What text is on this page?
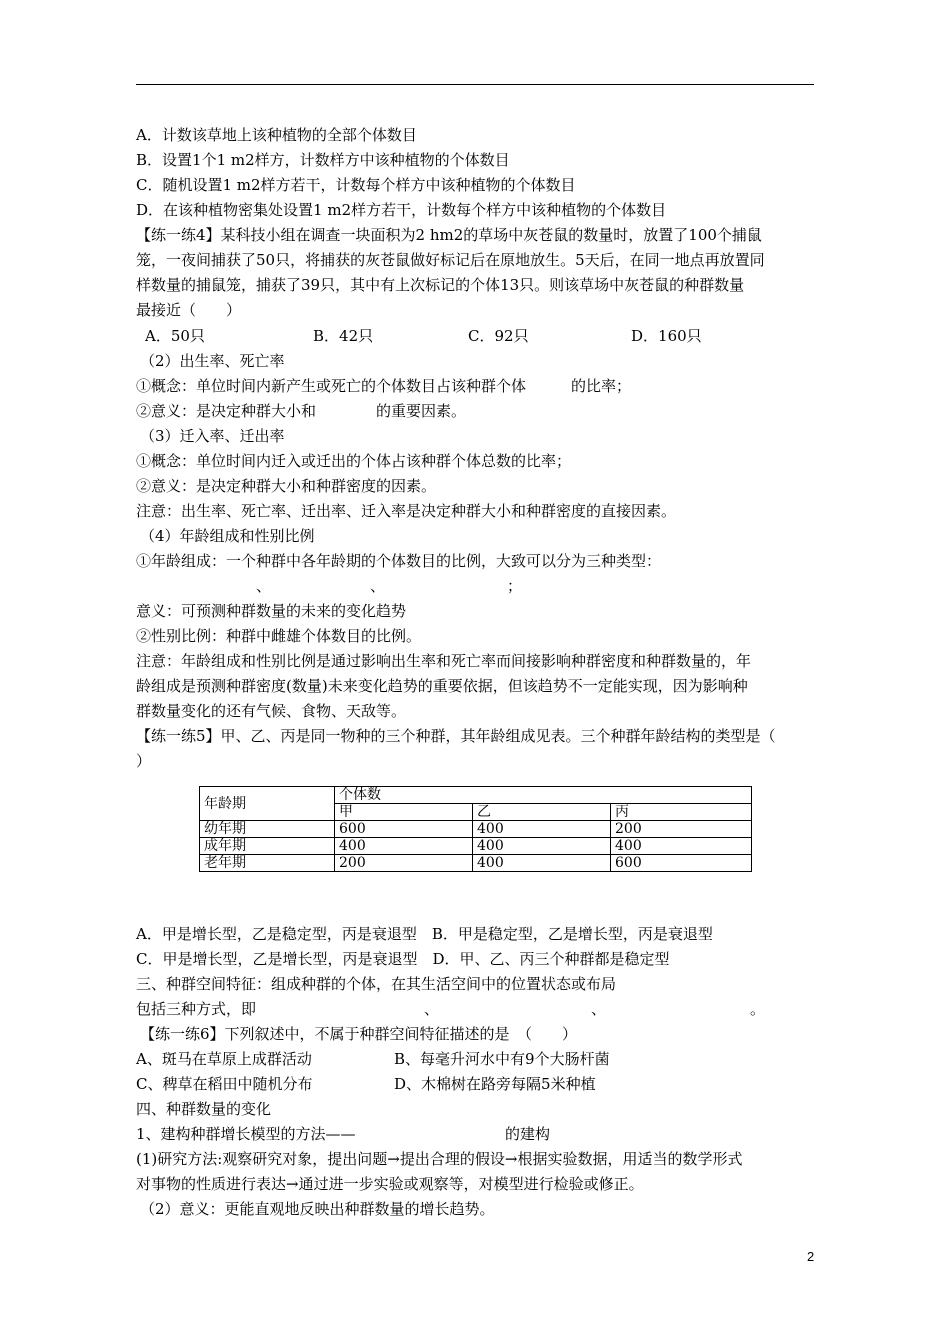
A．计数该草地上该种植物的全部个体数目
B．设置1个1 m2样方，计数样方中该种植物的个体数目
C．随机设置1 m2样方若干，计数每个样方中该种植物的个体数目
D．在该种植物密集处设置1 m2样方若干，计数每个样方中该种植物的个体数目
【练一练4】某科技小组在调查一块面积为2 hm2的草场中灰苍鼠的数量时，放置了100个捕鼠
笼，一夜间捕获了50只，将捕获的灰苍鼠做好标记后在原地放生。5天后，在同一地点再放置同
样数量的捕鼠笼，捕获了39只，其中有上次标记的个体13只。则该草场中灰苍鼠的种群数量
最接近（　　）
A．50只	B．42只	C．92只	D．160只
（2）出生率、死亡率
①概念：单位时间内新产生或死亡的个体数目占该种群个体　　　的比率；
②意义：是决定种群大小和　　　　的重要因素。
（3）迁入率、迁出率
①概念：单位时间内迁入或迁出的个体占该种群个体总数的比率；
②意义：是决定种群大小和种群密度的因素。
注意：出生率、死亡率、迁出率、迁入率是决定种群大小和种群密度的直接因素。
（4）年龄组成和性别比例
①年龄组成：一个种群中各年龄期的个体数目的比例，大致可以分为三种类型：
、	、	；
意义：可预测种群数量的未来的变化趋势
②性别比例：种群中雌雄个体数目的比例。
注意：年龄组成和性别比例是通过影响出生率和死亡率而间接影响种群密度和种群数量的，年
龄组成是预测种群密度(数量)未来变化趋势的重要依据，但该趋势不一定能实现，因为影响种
群数量变化的还有气候、食物、天敌等。
【练一练5】甲、乙、丙是同一物种的三个种群，其年龄组成见表。三个种群年龄结构的类型是（
）
年龄期	个体数		
	甲	乙	丙
幼年期	600	400	200
成年期	400	400	400
老年期	200	400	600
A．甲是增长型，乙是稳定型，丙是衰退型　B．甲是稳定型，乙是增长型，丙是衰退型
C．甲是增长型，乙是增长型，丙是衰退型　D．甲、乙、丙三个种群都是稳定型
三、种群空间特征：组成种群的个体，在其生活空间中的位置状态或布局
包括三种方式，即	、	、	。
【练一练6】下列叙述中，不属于种群空间特征描述的是　（　　）
A、斑马在草原上成群活动	B、每毫升河水中有9个大肠杆菌
C、稗草在稻田中随机分布	D、木棉树在路旁每隔5米种植
四、种群数量的变化
1、建构种群增长模型的方法——	的建构
(1)研究方法:观察研究对象，提出问题→提出合理的假设→根据实验数据，用适当的数学形式
对事物的性质进行表达→通过进一步实验或观察等，对模型进行检验或修正。
（2）意义：更能直观地反映出种群数量的增长趋势。
2
